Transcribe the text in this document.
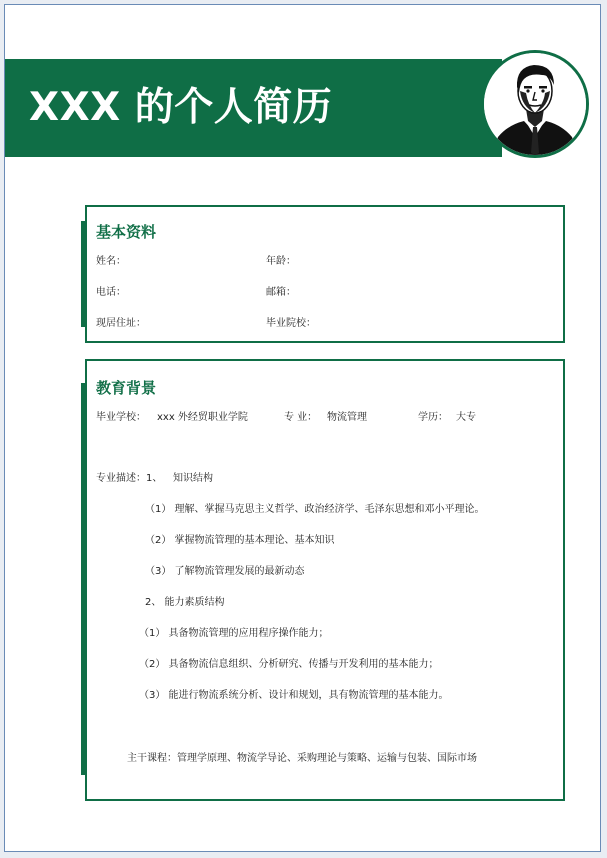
XXX 的个人简历
基本资料
姓名：	年龄：
电话：	邮箱：
现居住址：	毕业院校：
教育背景
毕业学校： xxx 外经贸职业学院	专 业： 物流管理	学历： 大专
专业描述：1、 知识结构
（1） 理解、掌握马克思主义哲学、政治经济学、毛泽东思想和邓小平理论。
（2） 掌握物流管理的基本理论、基本知识
（3） 了解物流管理发展的最新动态
2、 能力素质结构
（1） 具备物流管理的应用程序操作能力；
（2） 具备物流信息组织、分析研究、传播与开发利用的基本能力；
（3） 能进行物流系统分析、设计和规划，具有物流管理的基本能力。
主干课程：管理学原理、物流学导论、采购理论与策略、运输与包装、国际市场
